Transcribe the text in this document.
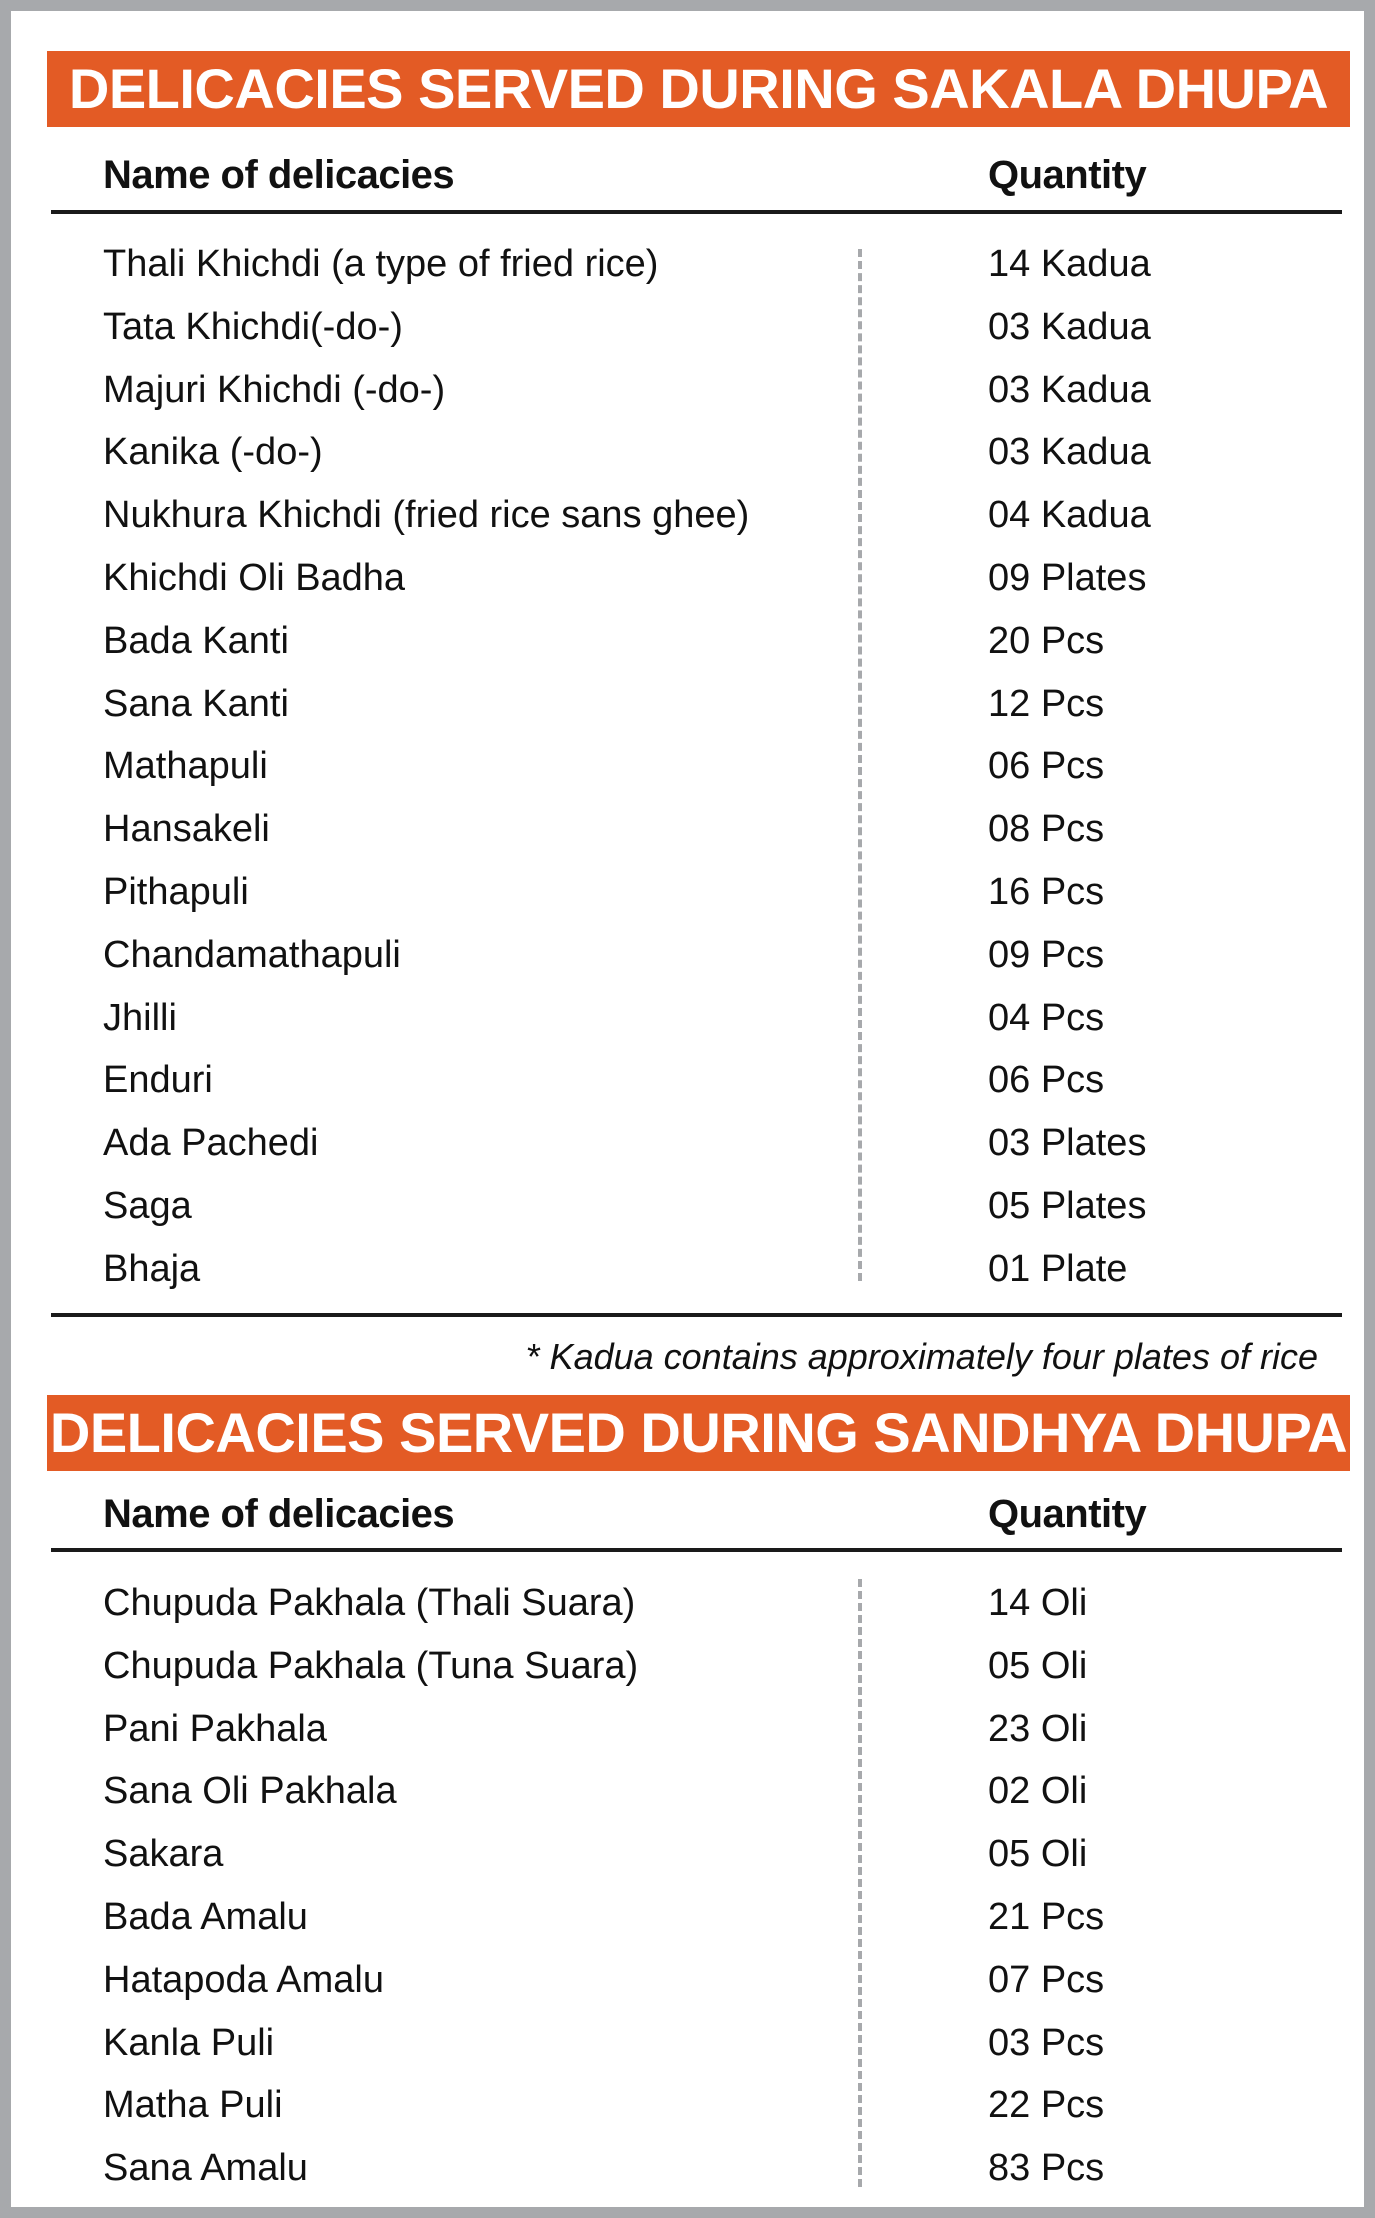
DELICACIES SERVED DURING SAKALA DHUPA
Name of delicacies	Quantity
Thali Khichdi (a type of fried rice)	14 Kadua
Tata Khichdi(-do-)	03 Kadua
Majuri Khichdi (-do-)	03 Kadua
Kanika (-do-)	03 Kadua
Nukhura Khichdi (fried rice sans ghee)	04 Kadua
Khichdi Oli Badha	09 Plates
Bada Kanti	20 Pcs
Sana Kanti	12 Pcs
Mathapuli	06 Pcs
Hansakeli	08 Pcs
Pithapuli	16 Pcs
Chandamathapuli	09 Pcs
Jhilli	04 Pcs
Enduri	06 Pcs
Ada Pachedi	03 Plates
Saga	05 Plates
Bhaja	01 Plate
* Kadua contains approximately four plates of rice
DELICACIES SERVED DURING SANDHYA DHUPA
Name of delicacies	Quantity
Chupuda Pakhala (Thali Suara)	14 Oli
Chupuda Pakhala (Tuna Suara)	05 Oli
Pani Pakhala	23 Oli
Sana Oli Pakhala	02 Oli
Sakara	05 Oli
Bada Amalu	21 Pcs
Hatapoda Amalu	07 Pcs
Kanla Puli	03 Pcs
Matha Puli	22 Pcs
Sana Amalu	83 Pcs
